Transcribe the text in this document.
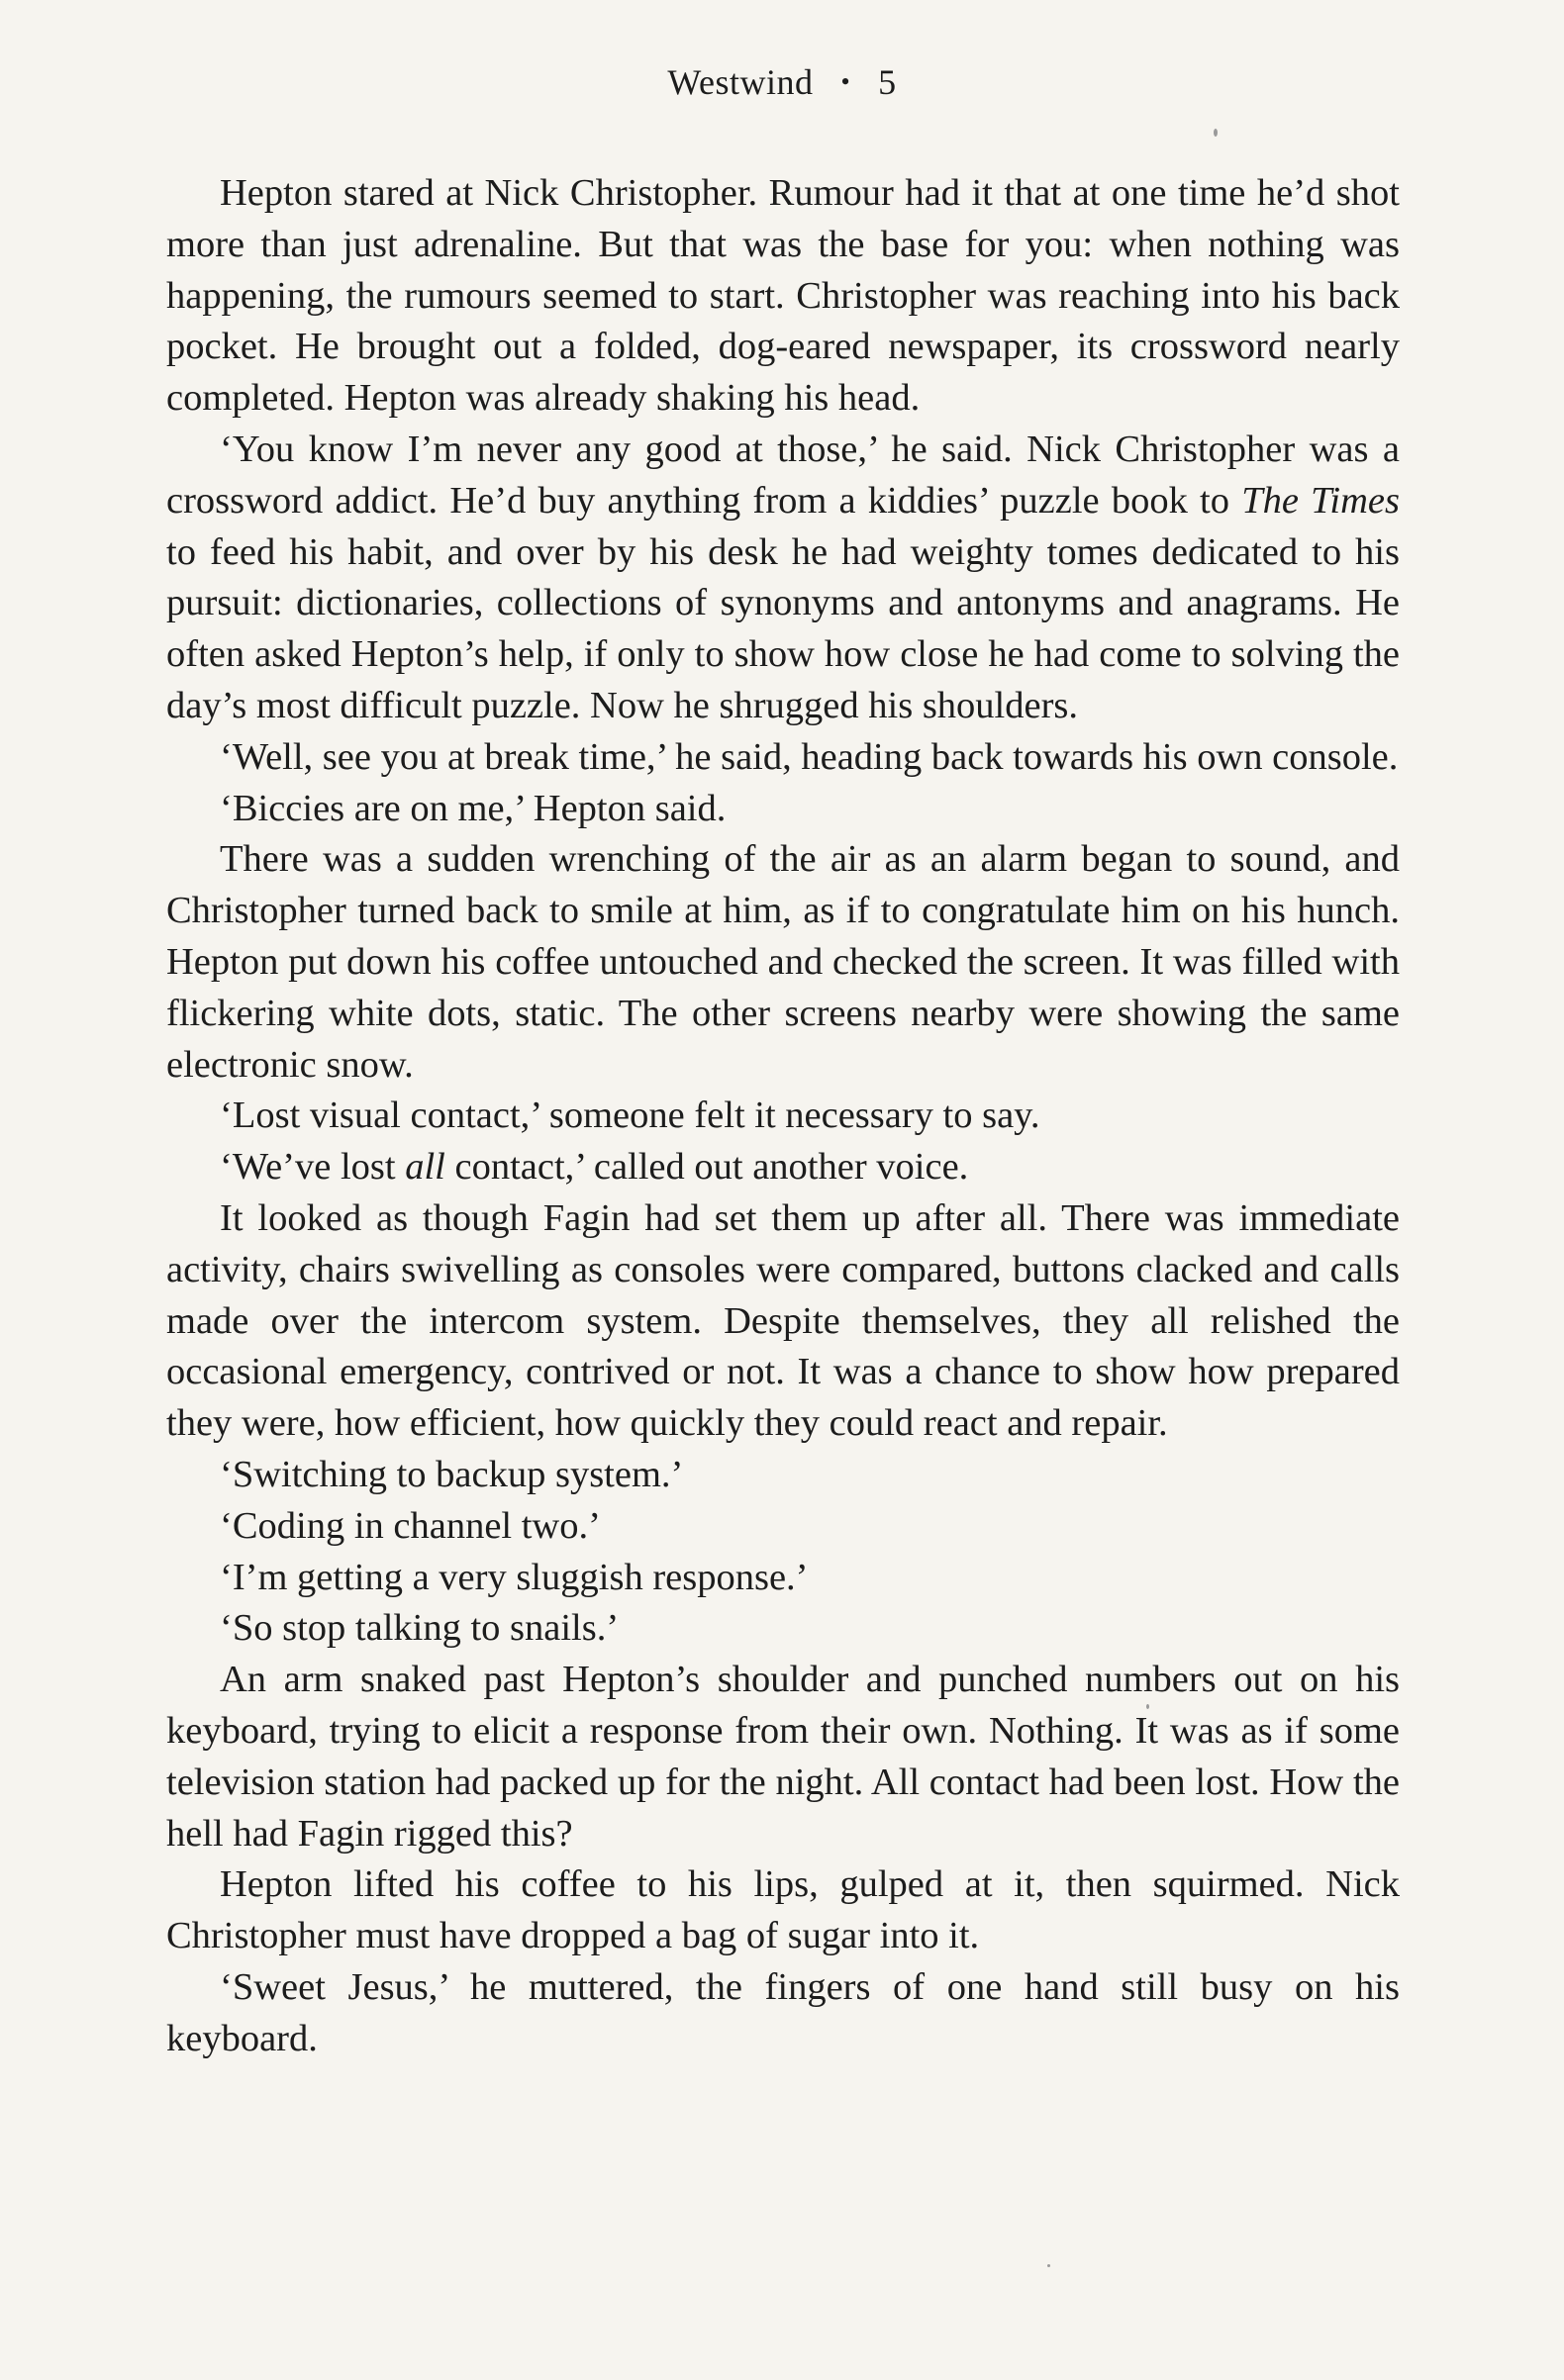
Westwind • 5

Hepton stared at Nick Christopher. Rumour had it that at one time he’d shot more than just adrenaline. But that was the base for you: when nothing was happening, the rumours seemed to start. Christopher was reaching into his back pocket. He brought out a folded, dog-eared newspaper, its crossword nearly completed. Hepton was already shaking his head.

‘You know I’m never any good at those,’ he said. Nick Christopher was a crossword addict. He’d buy anything from a kiddies’ puzzle book to The Times to feed his habit, and over by his desk he had weighty tomes dedicated to his pursuit: dictionaries, collections of synonyms and antonyms and anagrams. He often asked Hepton’s help, if only to show how close he had come to solving the day’s most difficult puzzle. Now he shrugged his shoulders.

‘Well, see you at break time,’ he said, heading back towards his own console.

‘Biccies are on me,’ Hepton said.

There was a sudden wrenching of the air as an alarm began to sound, and Christopher turned back to smile at him, as if to congratulate him on his hunch. Hepton put down his coffee untouched and checked the screen. It was filled with flickering white dots, static. The other screens nearby were showing the same electronic snow.

‘Lost visual contact,’ someone felt it necessary to say.

‘We’ve lost all contact,’ called out another voice.

It looked as though Fagin had set them up after all. There was immediate activity, chairs swivelling as consoles were compared, buttons clacked and calls made over the intercom system. Despite themselves, they all relished the occasional emergency, contrived or not. It was a chance to show how prepared they were, how efficient, how quickly they could react and repair.

‘Switching to backup system.’

‘Coding in channel two.’

‘I’m getting a very sluggish response.’

‘So stop talking to snails.’

An arm snaked past Hepton’s shoulder and punched numbers out on his keyboard, trying to elicit a response from their own. Nothing. It was as if some television station had packed up for the night. All contact had been lost. How the hell had Fagin rigged this?

Hepton lifted his coffee to his lips, gulped at it, then squirmed. Nick Christopher must have dropped a bag of sugar into it.

‘Sweet Jesus,’ he muttered, the fingers of one hand still busy on his keyboard.
